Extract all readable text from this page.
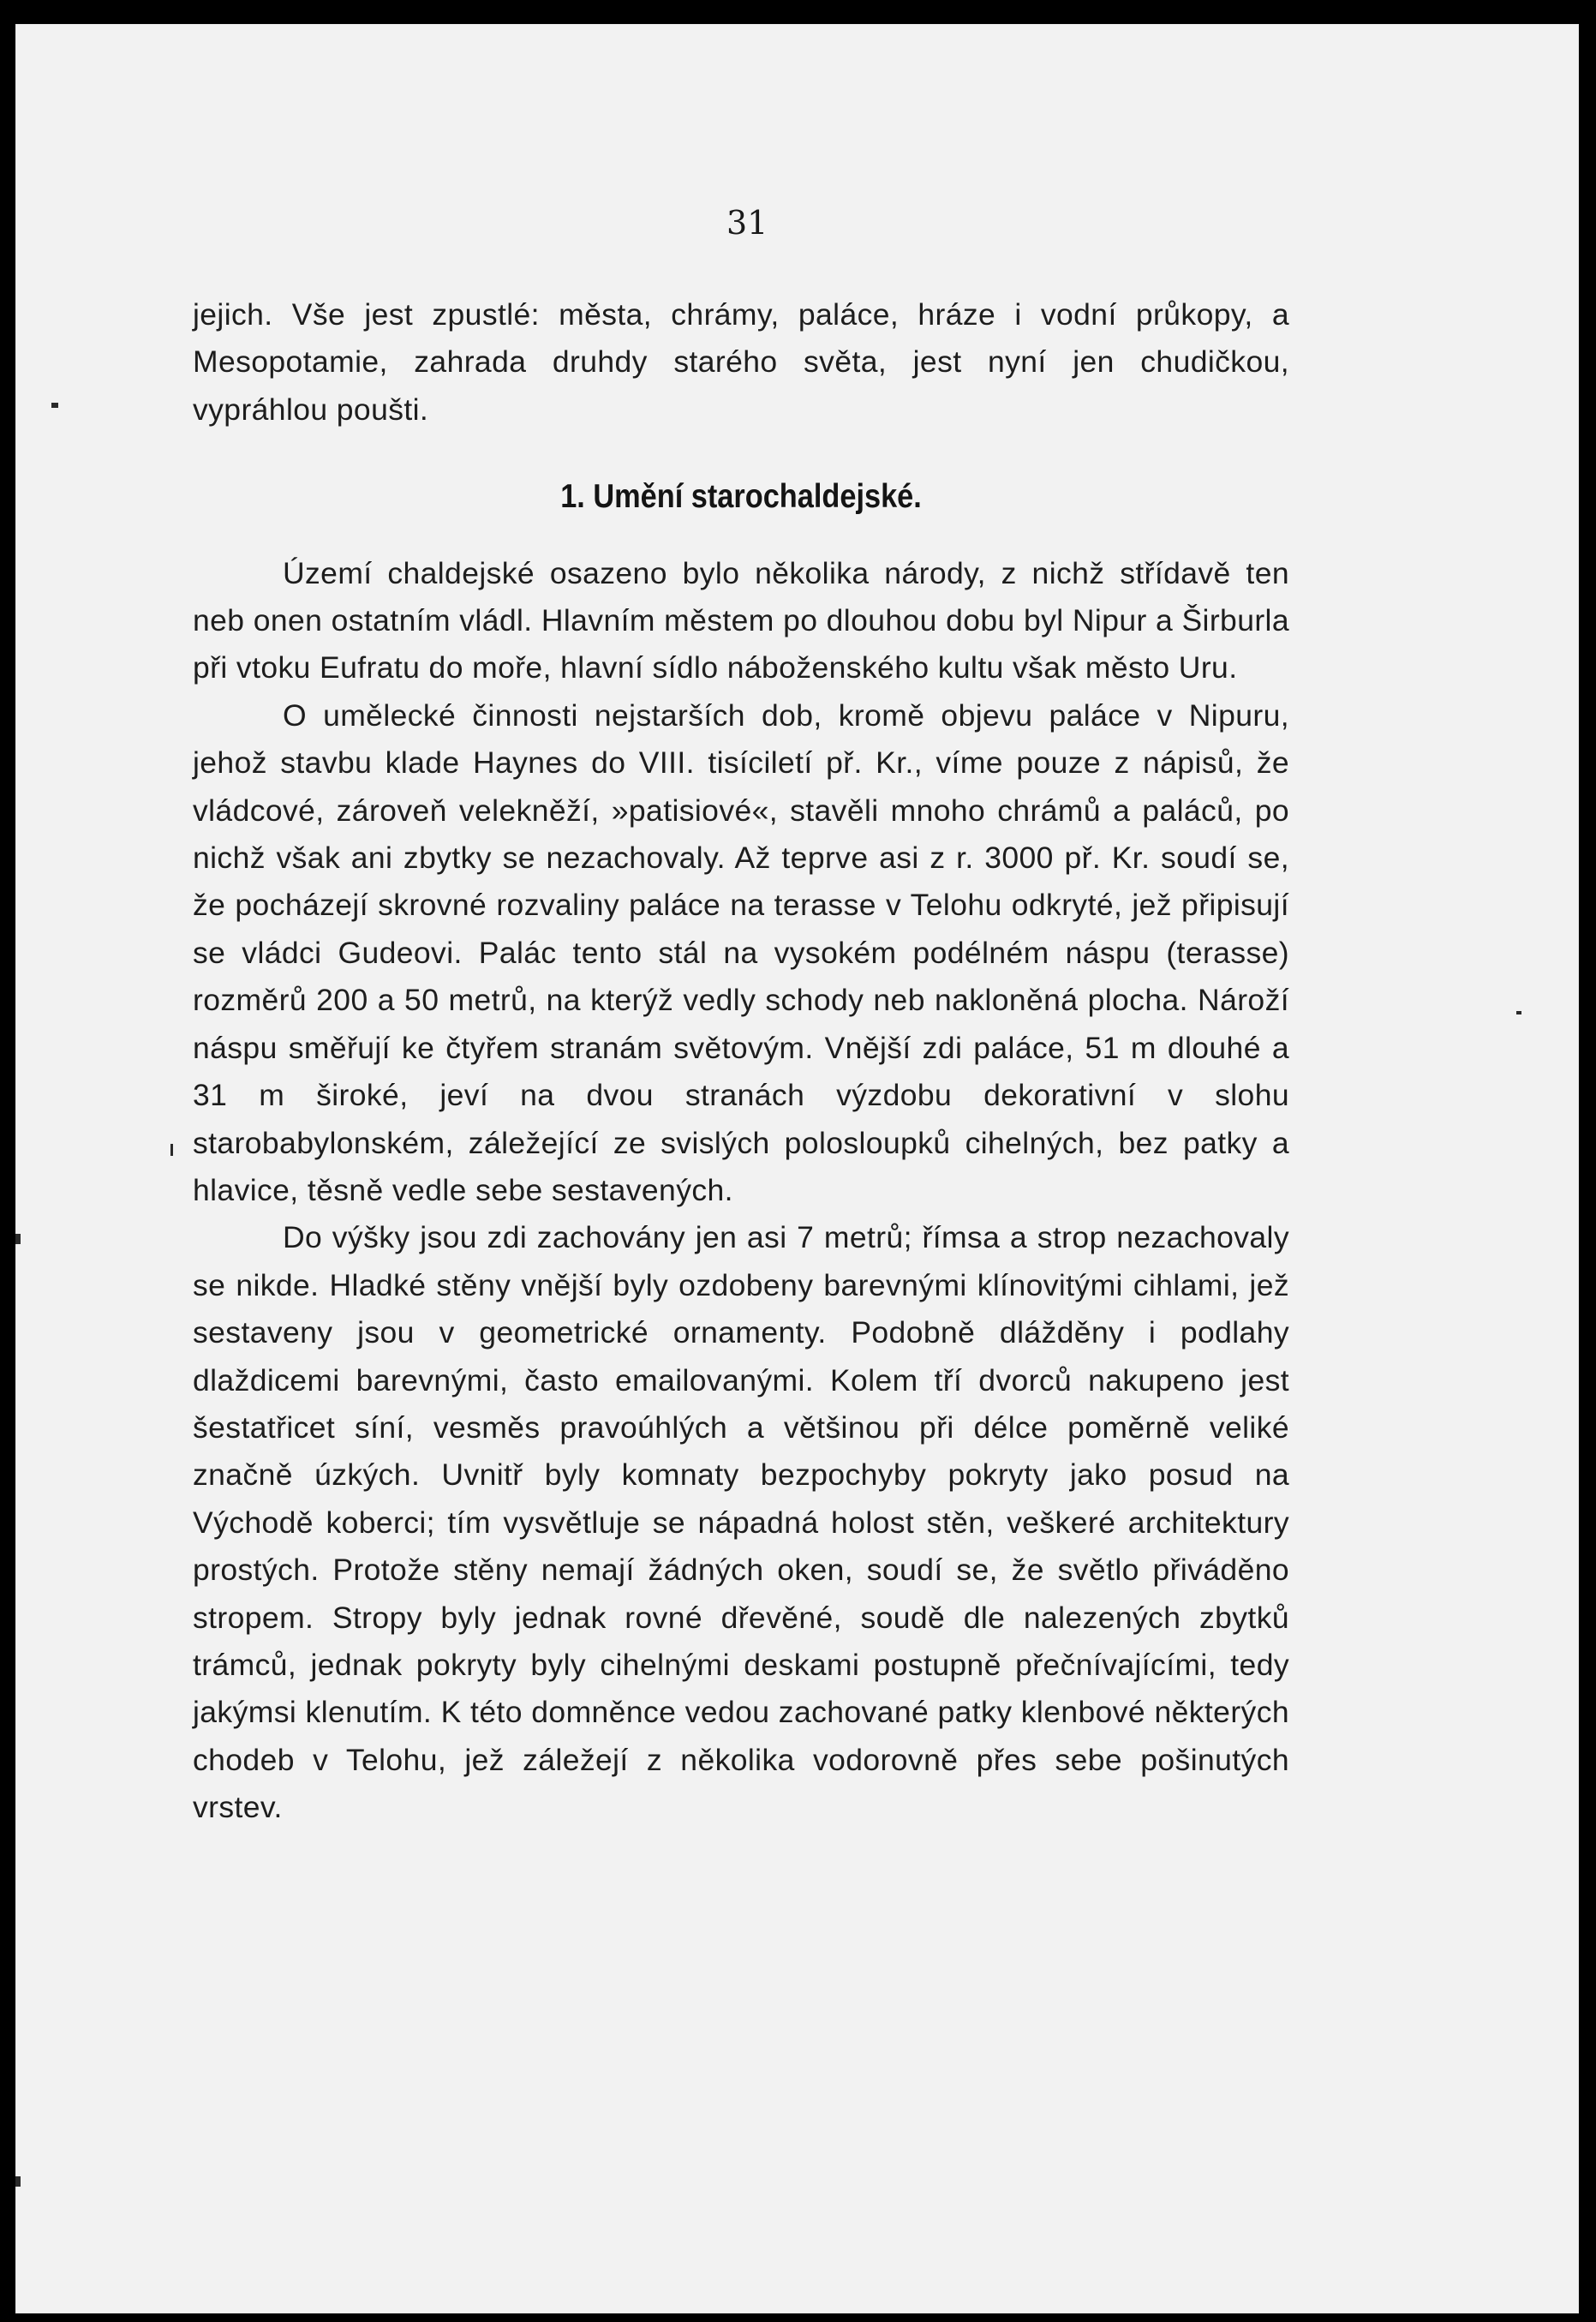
31

jejich. Vše jest zpustlé: města, chrámy, paláce, hráze i vodní průkopy, a Mesopotamie, zahrada druhdy starého světa, jest nyní jen chudičkou, vypráhlou poušti.

1. Umění starochaldejské.

Území chaldejské osazeno bylo několika národy, z nichž střídavě ten neb onen ostatním vládl. Hlavním městem po dlouhou dobu byl Nipur a Širburla při vtoku Eufratu do moře, hlavní sídlo náboženského kultu však město Uru.

O umělecké činnosti nejstarších dob, kromě objevu paláce v Nipuru, jehož stavbu klade Haynes do VIII. tisíciletí př. Kr., víme pouze z nápisů, že vládcové, zároveň velekněží, »patisiové«, stavěli mnoho chrámů a paláců, po nichž však ani zbytky se nezachovaly. Až teprve asi z r. 3000 př. Kr. soudí se, že pocházejí skrovné rozvaliny paláce na terasse v Telohu odkryté, jež připisují se vládci Gudeovi. Palác tento stál na vysokém podélném náspu (terasse) rozměrů 200 a 50 metrů, na kterýž vedly schody neb nakloněná plocha. Nároží náspu směřují ke čtyřem stranám světovým. Vnější zdi paláce, 51 m dlouhé a 31 m široké, jeví na dvou stranách výzdobu dekorativní v slohu starobabylonském, záležející ze svislých polosloupků cihelných, bez patky a hlavice, těsně vedle sebe sestavených.

Do výšky jsou zdi zachovány jen asi 7 metrů; římsa a strop nezachovaly se nikde. Hladké stěny vnější byly ozdobeny barevnými klínovitými cihlami, jež sestaveny jsou v geometrické ornamenty. Podobně dlážděny i podlahy dlaždicemi barevnými, často emailovanými. Kolem tří dvorců nakupeno jest šestatřicet síní, vesměs pravoúhlých a většinou při délce poměrně veliké značně úzkých. Uvnitř byly komnaty bezpochyby pokryty jako posud na Východě koberci; tím vysvětluje se nápadná holost stěn, veškeré architektury prostých. Protože stěny nemají žádných oken, soudí se, že světlo přiváděno stropem. Stropy byly jednak rovné dřevěné, soudě dle nalezených zbytků trámců, jednak pokryty byly cihelnými deskami postupně přečnívajícími, tedy jakýmsi klenutím. K této domněnce vedou zachované patky klenbové některých chodeb v Telohu, jež záležejí z několika vodorovně přes sebe pošinutých vrstev.
